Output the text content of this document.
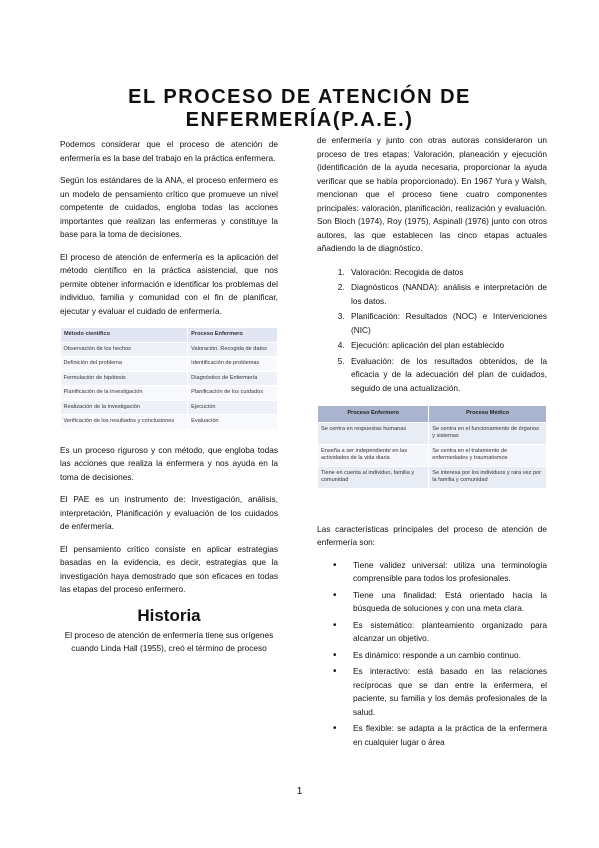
EL PROCESO DE ATENCIÓN DE ENFERMERÍA(P.A.E.)

Podemos considerar que el proceso de atención de enfermería es la base del trabajo en la práctica enfermera.

Según los estándares de la ANA, el proceso enfermero es un modelo de pensamiento crítico que promueve un nivel competente de cuidados, engloba todas las acciones importantes que realizan las enfermeras y constituye la base para la toma de decisiones.

El proceso de atención de enfermería es la aplicación del método científico en la práctica asistencial, que nos permite obtener información e identificar los problemas del individuo, familia y comunidad con el fin de planificar, ejecutar y evaluar el cuidado de enfermería.

Método científico	Proceso Enfermero
Observación de los hechos	Valoración. Recogida de datos
Definición del problema	Identificación de problemas
Formulación de hipótesis	Diagnóstico de Enfermería
Planificación de la investigación	Planificación de los cuidados
Realización de la investigación	Ejecución
Verificación de los resultados y conclusiones	Evaluación

Es un proceso riguroso y con método, que engloba todas las acciones que realiza la enfermera y nos ayuda en la toma de decisiones.

El PAE es un instrumento de: Investigación, análisis, interpretación, Planificación y evaluación de los cuidados de enfermería.

El pensamiento crítico consiste en aplicar estrategias basadas en la evidencia, es decir, estrategias que la investigación haya demostrado que son eficaces en todas las etapas del proceso enfermero.

Historia

El proceso de atención de enfermería tiene sus orígenes cuando Linda Hall (1955), creó el término de proceso

de enfermería y junto con otras autoras consideraron un proceso de tres etapas: Valoración, planeación y ejecución (identificación de la ayuda necesaria, proporcionar la ayuda verificar que se había proporcionado). En 1967 Yura y Walsh, mencionan que el proceso tiene cuatro componentes principales: valoración, planificación, realización y evaluación. Son Bloch (1974), Roy (1975), Aspinall (1976) junto con otros autores, las que establecen las cinco etapas actuales añadiendo la de diagnóstico.

1. Valoración: Recogida de datos
2. Diagnósticos (NANDA): análisis e interpretación de los datos.
3. Planificación: Resultados (NOC) e Intervenciones (NIC)
4. Ejecución: aplicación del plan establecido
5. Evaluación: de los resultados obtenidos, de la eficacia y de la adecuación del plan de cuidados, seguido de una actualización.
Proceso Enfermero	Proceso Médico
Se centra en respuestas humanas	Se centra en el funcionamiento de órganos y sistemas
Enseña a ser independiente en las actividades de la vida diaria	Se centra en el tratamiento de enfermedades y traumatismos
Tiene en cuenta al individuo, familia y comunidad	Se interesa por los individuos y rara vez por la familia y comunidad

Las características principales del proceso de atención de enfermería son:

• Tiene validez universal: utiliza una terminología comprensible para todos los profesionales.
• Tiene una finalidad: Está orientado hacia la búsqueda de soluciones y con una meta clara.
• Es sistemático: planteamiento organizado para alcanzar un objetivo.
• Es dinámico: responde a un cambio continuo.
• Es interactivo: está basado en las relaciones recíprocas que se dan entre la enfermera, el paciente, su familia y los demás profesionales de la salud.
• Es flexible: se adapta a la práctica de la enfermera en cualquier lugar o área
1
